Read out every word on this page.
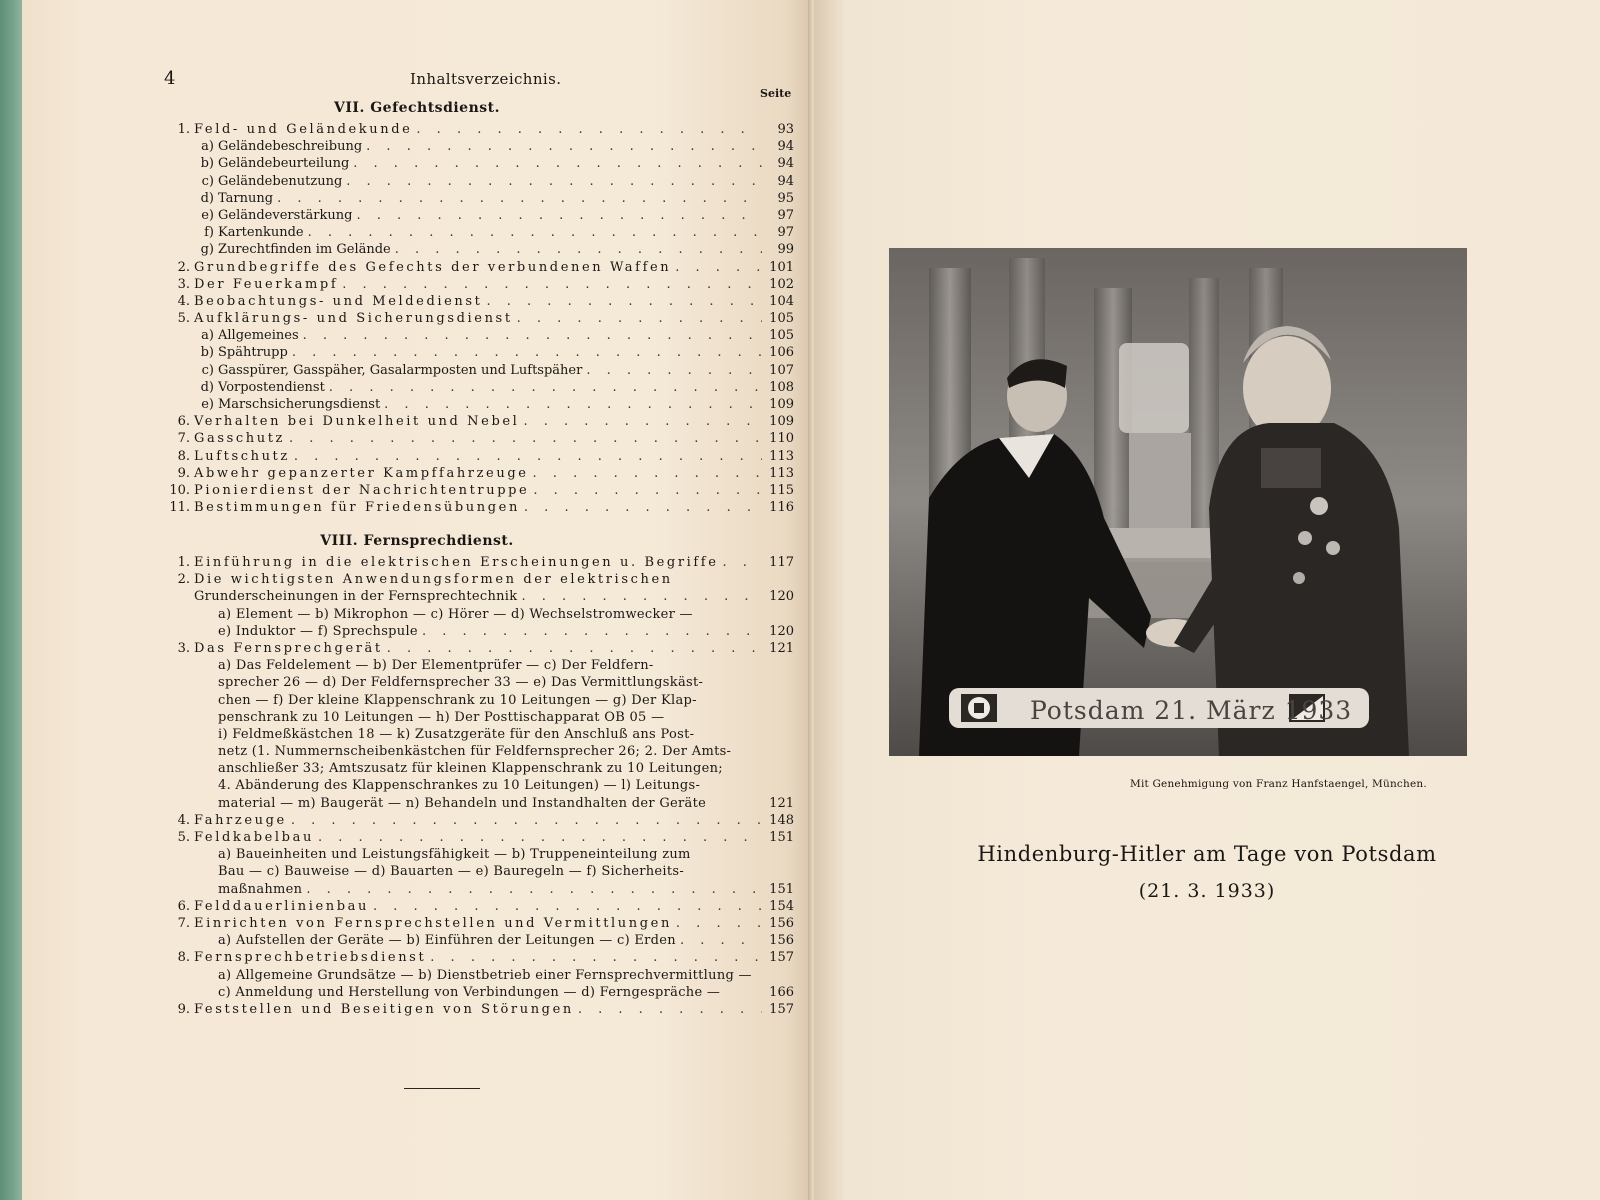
4	Inhaltsverzeichnis.
Seite
VII. Gefechtsdienst.
1. Feld- und Geländekunde . . .	93
a) Geländebeschreibung . . .	94
b) Geländebeurteilung . . .	94
c) Geländebenutzung . . .	94
d) Tarnung . . .	95
e) Geländeverstärkung . . .	97
f) Kartenkunde . . .	97
g) Zurechtfinden im Gelände . . .	99
2. Grundbegriffe des Gefechts der verbundenen Waffen . . .	101
3. Der Feuerkampf . . .	102
4. Beobachtungs- und Meldedienst . . .	104
5. Aufklärungs- und Sicherungsdienst . . .	105
a) Allgemeines . . .	105
b) Spähtrupp . . .	106
c) Gasspürer, Gasspäher, Gasalarmposten und Luftspäher . . .	107
d) Vorpostendienst . . .	108
e) Marschsicherungsdienst . . .	109
6. Verhalten bei Dunkelheit und Nebel . . .	109
7. Gasschutz . . .	110
8. Luftschutz . . .	113
9. Abwehr gepanzerter Kampffahrzeuge . . .	113
10. Pionierdienst der Nachrichtentruppe . . .	115
11. Bestimmungen für Friedensübungen . . .	116
VIII. Fernsprechdienst.
1. Einführung in die elektrischen Erscheinungen u. Begriffe . . .	117
2. Die wichtigsten Anwendungsformen der elektrischen
Grunderscheinungen in der Fernsprechtechnik . . .	120
a) Element — b) Mikrophon — c) Hörer — d) Wechselstromwecker —
e) Induktor — f) Sprechspule . . .	120
3. Das Fernsprechgerät . . .	121
a) Das Feldelement — b) Der Elementprüfer — c) Der Feldfern-
sprecher 26 — d) Der Feldfernsprecher 33 — e) Das Vermittlungskäst-
chen — f) Der kleine Klappenschrank zu 10 Leitungen — g) Der Klap-
penschrank zu 10 Leitungen — h) Der Posttischapparat OB 05 —
i) Feldmeßkästchen 18 — k) Zusatzgeräte für den Anschluß ans Post-
netz (1. Nummernscheibenkästchen für Feldfernsprecher 26; 2. Der Amts-
anschließer 33; Amtszusatz für kleinen Klappenschrank zu 10 Leitungen;
4. Abänderung des Klappenschrankes zu 10 Leitungen) — l) Leitungs-
material — m) Baugerät — n) Behandeln und Instandhalten der Geräte	121
4. Fahrzeuge . . .	148
5. Feldkabelbau . . .	151
a) Baueinheiten und Leistungsfähigkeit — b) Truppeneinteilung zum
Bau — c) Bauweise — d) Bauarten — e) Bauregeln — f) Sicherheits-
maßnahmen . . .	151
6. Felddauerlinienbau . . .	154
7. Einrichten von Fernsprechstellen und Vermittlungen . . .	156
a) Aufstellen der Geräte — b) Einführen der Leitungen — c) Erden . . .	156
8. Fernsprechbetriebsdienst . . .	157
a) Allgemeine Grundsätze — b) Dienstbetrieb einer Fernsprechvermittlung —
c) Anmeldung und Herstellung von Verbindungen — d) Ferngespräche —	166
9. Feststellen und Beseitigen von Störungen . . .	157
Potsdam 21. März 1933
Mit Genehmigung von Franz Hanfstaengel, München.
Hindenburg-Hitler am Tage von Potsdam
(21. 3. 1933)
